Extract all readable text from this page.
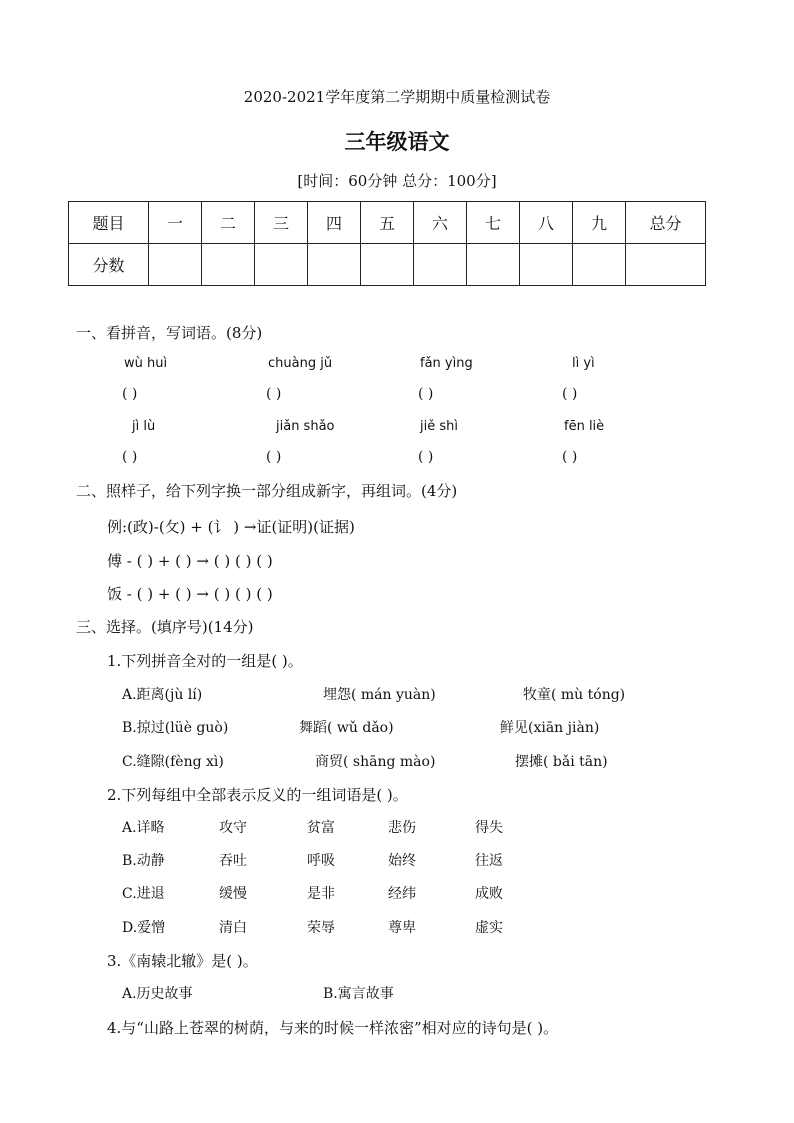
2020-2021学年度第二学期期中质量检测试卷
三年级语文
[时间：60分钟 总分：100分]
题目	一	二	三	四	五	六	七	八	九	总分
分数										
一、看拼音，写词语。(8分)
wù huì	chuàng jǔ	fǎn yìng	lì yì
( )	( )	( )	( )
jì lù	jiǎn shǎo	jiě shì	fēn liè
( )	( )	( )	( )
二、照样子，给下列字换一部分组成新字，再组词。(4分)
例:(政)-(攵) + (讠 ) →证(证明)(证据)
傅 - ( ) + ( ) → ( ) ( ) ( )
饭 - ( ) + ( ) → ( ) ( ) ( )
三、选择。(填序号)(14分)
1.下列拼音全对的一组是( )。
A.距离(jù lí)	埋怨( mán yuàn)	牧童( mù tóng)
B.掠过(lüè guò)	舞蹈( wǔ dǎo)	鲜见(xiān jiàn)
C.缝隙(fèng xì)	商贸( shāng mào)	摆摊( bǎi tān)
2.下列每组中全部表示反义的一组词语是( )。
A.详略	攻守	贫富	悲伤	得失
B.动静	吞吐	呼吸	始终	往返
C.进退	缓慢	是非	经纬	成败
D.爱憎	清白	荣辱	尊卑	虚实
3.《南辕北辙》是( )。
A.历史故事	B.寓言故事
4.与“山路上苍翠的树荫，与来的时候一样浓密”相对应的诗句是( )。
